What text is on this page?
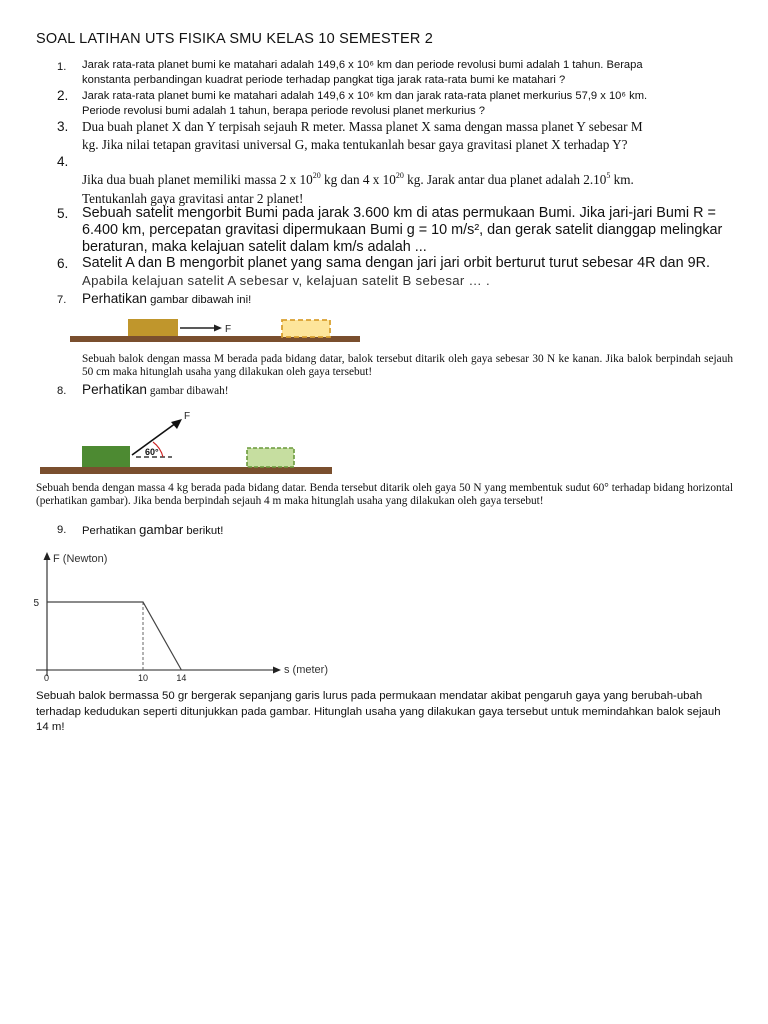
SOAL LATIHAN UTS FISIKA SMU KELAS 10 SEMESTER 2
1. Jarak rata-rata planet bumi ke matahari adalah 149,6 x 10⁶ km dan periode revolusi bumi adalah 1 tahun. Berapa
konstanta perbandingan kuadrat periode terhadap pangkat tiga jarak rata-rata bumi ke matahari ?
2. Jarak rata-rata planet bumi ke matahari adalah 149,6 x 10⁶ km dan jarak rata-rata planet merkurius 57,9 x 10⁶ km.
Periode revolusi bumi adalah 1 tahun, berapa periode revolusi planet merkurius ?
3. Dua buah planet X dan Y terpisah sejauh R meter. Massa planet X sama dengan massa planet Y sebesar M
kg. Jika nilai tetapan gravitasi universal G, maka tentukanlah besar gaya gravitasi planet X terhadap Y?
4.
Jika dua buah planet memiliki massa 2 x $10^{20}$ kg dan 4 x $10^{20}$ kg. Jarak antar dua planet adalah 2.10$^5$ km.
Tentukanlah gaya gravitasi antar 2 planet!
5. Sebuah satelit mengorbit Bumi pada jarak 3.600 km di atas permukaan Bumi. Jika jari-jari Bumi R =
6.400 km, percepatan gravitasi dipermukaan Bumi g = 10 m/s², dan gerak satelit dianggap melingkar
beraturan, maka kelajuan satelit dalam km/s adalah ...
6. Satelit A dan B mengorbit planet yang sama dengan jari jari orbit berturut turut sebesar 4R dan 9R.
Apabila kelajuan satelit A sebesar v, kelajuan satelit B sebesar … .
7. Perhatikan gambar dibawah ini!
F
Sebuah balok dengan massa M berada pada bidang datar, balok tersebut ditarik oleh gaya sebesar 30 N ke kanan. Jika balok berpindah sejauh 50 cm maka hitunglah usaha yang dilakukan oleh gaya tersebut!
8. Perhatikan gambar dibawah!
F
60°
Sebuah benda dengan massa 4 kg berada pada bidang datar. Benda tersebut ditarik oleh gaya 50 N yang membentuk sudut 60° terhadap bidang horizontal (perhatikan gambar). Jika benda berpindah sejauh 4 m maka hitunglah usaha yang dilakukan oleh gaya tersebut!
9. Perhatikan gambar berikut!
F (Newton)
s (meter)
5
0	10	14
Sebuah balok bermassa 50 gr bergerak sepanjang garis lurus pada permukaan mendatar akibat pengaruh gaya yang berubah-ubah terhadap kedudukan seperti ditunjukkan pada gambar. Hitunglah usaha yang dilakukan gaya tersebut untuk memindahkan balok sejauh 14 m!
